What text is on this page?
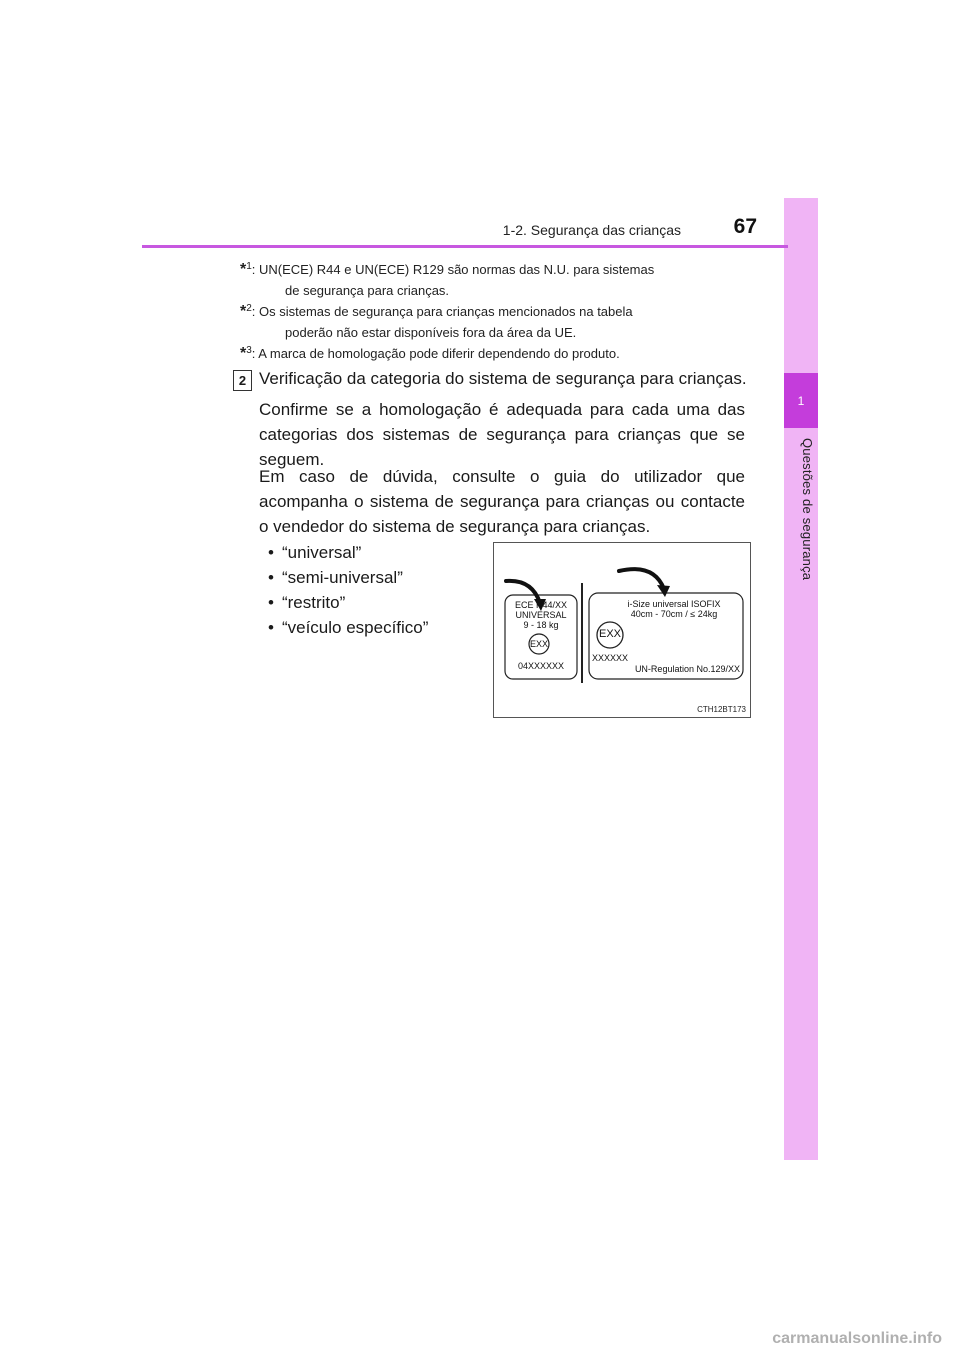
1
Questões de segurança
1-2. Segurança das crianças	67
*$^1$: UN(ECE) R44 e UN(ECE) R129 são normas das N.U. para sistemas
de segurança para crianças.
*$^2$: Os sistemas de segurança para crianças mencionados na tabela
poderão não estar disponíveis fora da área da UE.
*$^3$: A marca de homologação pode diferir dependendo do produto.
2 Verificação da categoria do sistema de segurança para crianças.
Confirme se a homologação é adequada para cada uma das categorias dos sistemas de segurança para crianças que se seguem.
Em caso de dúvida, consulte o guia do utilizador que acompanha o sistema de segurança para crianças ou contacte o vendedor do sistema de segurança para crianças.
• “universal”
• “semi-universal”
• “restrito”
• “veículo específico”
ECE R44/XX
UNIVERSAL
9 - 18 kg
EXX
04XXXXXX
i-Size universal ISOFIX
40cm - 70cm / ≤ 24kg
EXX
XXXXXX
UN-Regulation No.129/XX
CTH12BT173
carmanualsonline.info
